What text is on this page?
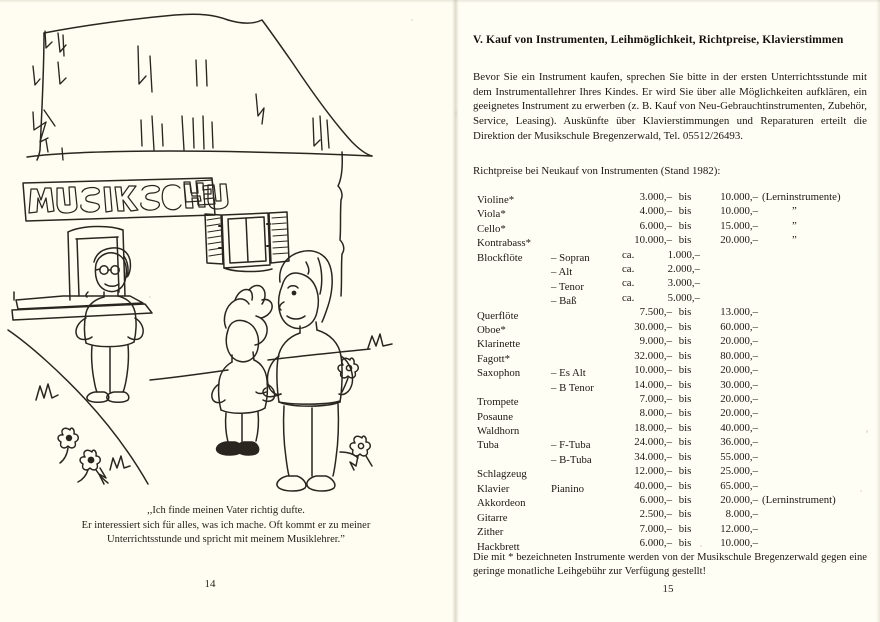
,,Ich finde meinen Vater richtig dufte.
Er interessiert sich für alles, was ich mache. Oft kommt er zu meiner
Unterrichtsstunde und spricht mit meinem Musiklehrer.”
14
V. Kauf von Instrumenten, Leihmöglichkeit, Richtpreise, Klavierstimmen
Bevor Sie ein Instrument kaufen, sprechen Sie bitte in der ersten Unterrichtsstunde mit dem Instrumentallehrer Ihres Kindes. Er wird Sie über alle Möglichkeiten aufklären, ein geeignetes Instrument zu erwerben (z. B. Kauf von Neu-Gebrauchtinstrumenten, Zubehör, Service, Leasing). Auskünfte über Klavierstimmungen und Reparaturen erteilt die Direktion der Musikschule Bregenzerwald, Tel. 05512/26493.
Richtpreise bei Neukauf von Instrumenten (Stand 1982):
Violine*	3.000,– bis	10.000,– (Lerninstrumente)
Viola*	4.000,– bis	10.000,–	”
Cello*	6.000,– bis	15.000,–	”
Kontrabass*	10.000,– bis	20.000,–	”
Blockflöte	– Sopran	ca.	1.000,–
– Alt	ca.	2.000,–
– Tenor	ca.	3.000,–
– Baß	ca.	5.000,–
Querflöte	7.500,– bis	13.000,–
Oboe*	30.000,– bis	60.000,–
Klarinette	9.000,– bis	20.000,–
Fagott*	32.000,– bis	80.000,–
Saxophon	– Es Alt	10.000,– bis	20.000,–
– B Tenor	14.000,– bis	30.000,–
Trompete	7.000,– bis	20.000,–
Posaune	8.000,– bis	20.000,–
Waldhorn	18.000,– bis	40.000,–
Tuba	– F-Tuba	24.000,– bis	36.000,–
– B-Tuba	34.000,– bis	55.000,–
Schlagzeug	12.000,– bis	25.000,–
Klavier	Pianino	40.000,– bis	65.000,–
Akkordeon	6.000,– bis	20.000,– (Lerninstrument)
Gitarre	2.500,– bis	8.000,–
Zither	7.000,– bis	12.000,–
Hackbrett	6.000,– bis	10.000,–
Die mit * bezeichneten Instrumente werden von der Musikschule Bregenzerwald gegen eine geringe monatliche Leihgebühr zur Verfügung gestellt!
15
